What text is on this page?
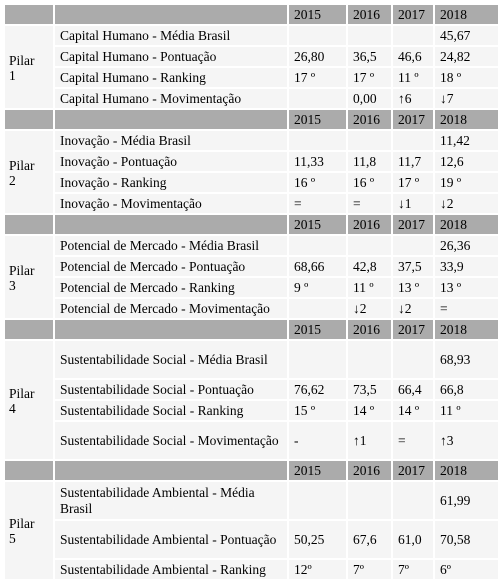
		2015	2016	2017	2018
Pilar
1	Capital Humano - Média Brasil				45,67
	Capital Humano - Pontuação	26,80	36,5	46,6	24,82
	Capital Humano - Ranking	17 º	17 º	11 º	18 º
	Capital Humano - Movimentação		0,00	↑6	↓7
		2015	2016	2017	2018
Pilar
2	Inovação - Média Brasil				11,42
	Inovação - Pontuação	11,33	11,8	11,7	12,6
	Inovação - Ranking	16 º	16 º	17 º	19 º
	Inovação - Movimentação	=	=	↓1	↓2
		2015	2016	2017	2018
Pilar
3	Potencial de Mercado - Média Brasil				26,36
	Potencial de Mercado - Pontuação	68,66	42,8	37,5	33,9
	Potencial de Mercado - Ranking	9 º	11 º	13 º	13 º
	Potencial de Mercado - Movimentação		↓2	↓2	=
		2015	2016	2017	2018
Pilar
4	Sustentabilidade Social - Média Brasil				68,93
	Sustentabilidade Social - Pontuação	76,62	73,5	66,4	66,8
	Sustentabilidade Social - Ranking	15 º	14 º	14 º	11 º
	Sustentabilidade Social - Movimentação	-	↑1	=	↑3
		2015	2016	2017	2018
Pilar
5	Sustentabilidade Ambiental - Média Brasil				61,99
	Sustentabilidade Ambiental - Pontuação	50,25	67,6	61,0	70,58
	Sustentabilidade Ambiental - Ranking	12º	7º	7º	6º
